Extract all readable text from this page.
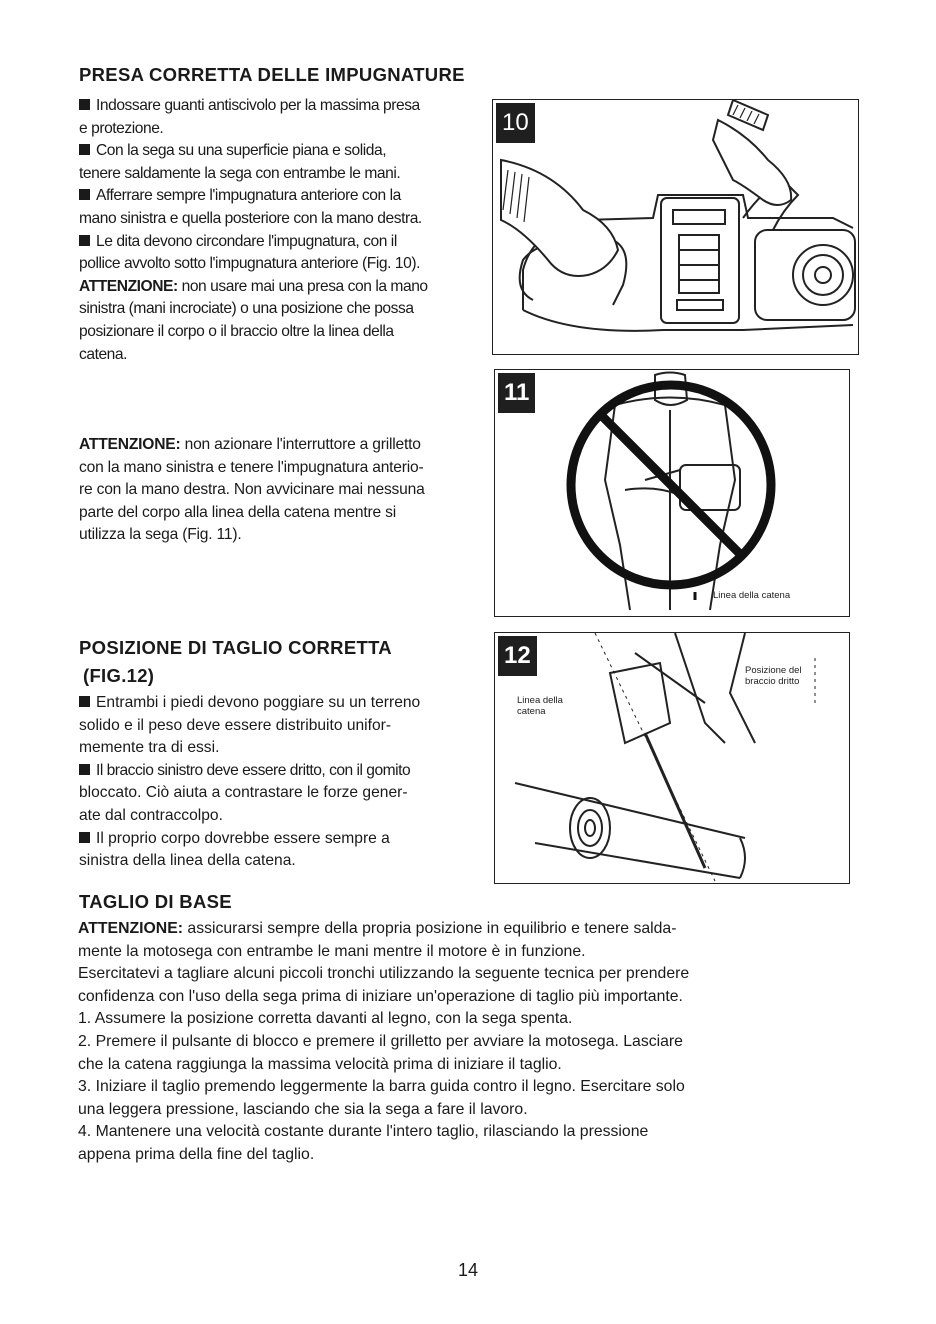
PRESA CORRETTA DELLE IMPUGNATURE
Indossare guanti antiscivolo per la massima presa
e protezione.
Con la sega su una superficie piana e solida,
tenere saldamente la sega con entrambe le mani.
Afferrare sempre l'impugnatura anteriore con la
mano sinistra e quella posteriore con la mano destra.
Le dita devono circondare l'impugnatura, con il
pollice avvolto sotto l'impugnatura anteriore (Fig. 10).
ATTENZIONE: non usare mai una presa con la mano
sinistra (mani incrociate) o una posizione che possa
posizionare il corpo o il braccio oltre la linea della
catena.
ATTENZIONE: non azionare l'interruttore a grilletto
con la mano sinistra e tenere l'impugnatura anterio-
re con la mano destra. Non avvicinare mai nessuna
parte del corpo alla linea della catena mentre si
utilizza la sega (Fig. 11).
POSIZIONE DI TAGLIO CORRETTA
(FIG.12)
Entrambi i piedi devono poggiare su un terreno
solido e il peso deve essere distribuito unifor-
memente tra di essi.
Il braccio sinistro deve essere dritto, con il gomito
bloccato. Ciò aiuta a contrastare le forze gener-
ate dal contraccolpo.
Il proprio corpo dovrebbe essere sempre a
sinistra della linea della catena.
TAGLIO DI BASE
ATTENZIONE: assicurarsi sempre della propria posizione in equilibrio e tenere salda-
mente la motosega con entrambe le mani mentre il motore è in funzione.
Esercitatevi a tagliare alcuni piccoli tronchi utilizzando la seguente tecnica per prendere
confidenza con l'uso della sega prima di iniziare un'operazione di taglio più importante.
1. Assumere la posizione corretta davanti al legno, con la sega spenta.
2. Premere il pulsante di blocco e premere il grilletto per avviare la motosega. Lasciare
che la catena raggiunga la massima velocità prima di iniziare il taglio.
3. Iniziare il taglio premendo leggermente la barra guida contro il legno. Esercitare solo
una leggera pressione, lasciando che sia la sega a fare il lavoro.
4. Mantenere una velocità costante durante l'intero taglio, rilasciando la pressione
appena prima della fine del taglio.
10
11
Linea della catena
12
Linea della
catena
Posizione del
braccio dritto
14
